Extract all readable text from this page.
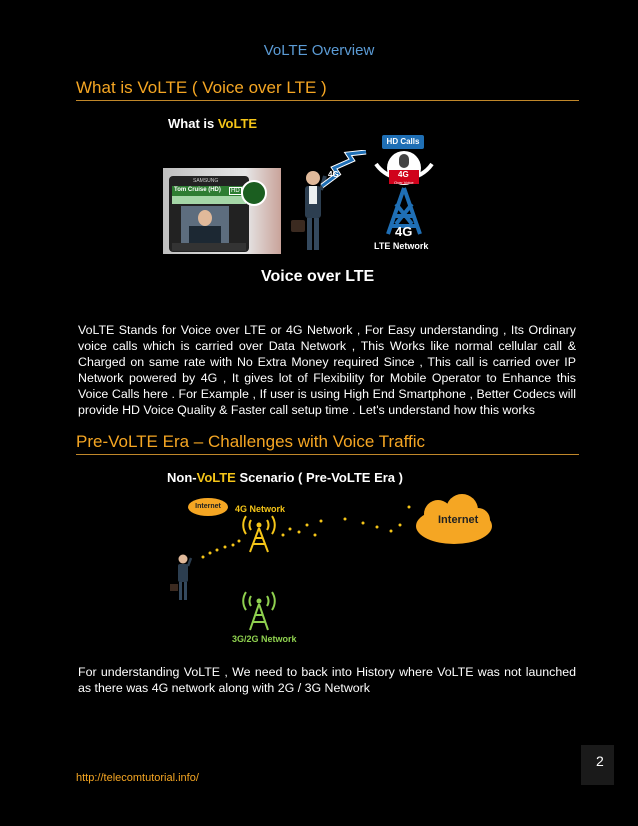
VoLTE Overview
What is VoLTE ( Voice over LTE )
What is VoLTE
SAMSUNG
Tom Cruise (HD)	HD
4G
HD Calls
4G
Over Voice
4G
LTE Network
Voice over LTE
VoLTE Stands for Voice over LTE or 4G Network , For Easy understanding , Its Ordinary voice calls which is carried over Data Network , This Works like normal cellular call & Charged on same rate with No Extra Money required Since , This call is carried over IP Network powered by 4G , It gives lot of Flexibility for Mobile Operator to Enhance this Voice Calls here . For Example , If user is using High End Smartphone , Better Codecs will provide HD Voice Quality & Faster call setup time . Let's understand how this works
Pre-VoLTE Era – Challenges with Voice Traffic
Non-VoLTE Scenario ( Pre-VoLTE Era )
Internet	4G Network
Internet
3G/2G Network
For understanding VoLTE , We need to back into History where VoLTE was not launched as there was 4G network along with 2G / 3G Network
2
http://telecomtutorial.info/
